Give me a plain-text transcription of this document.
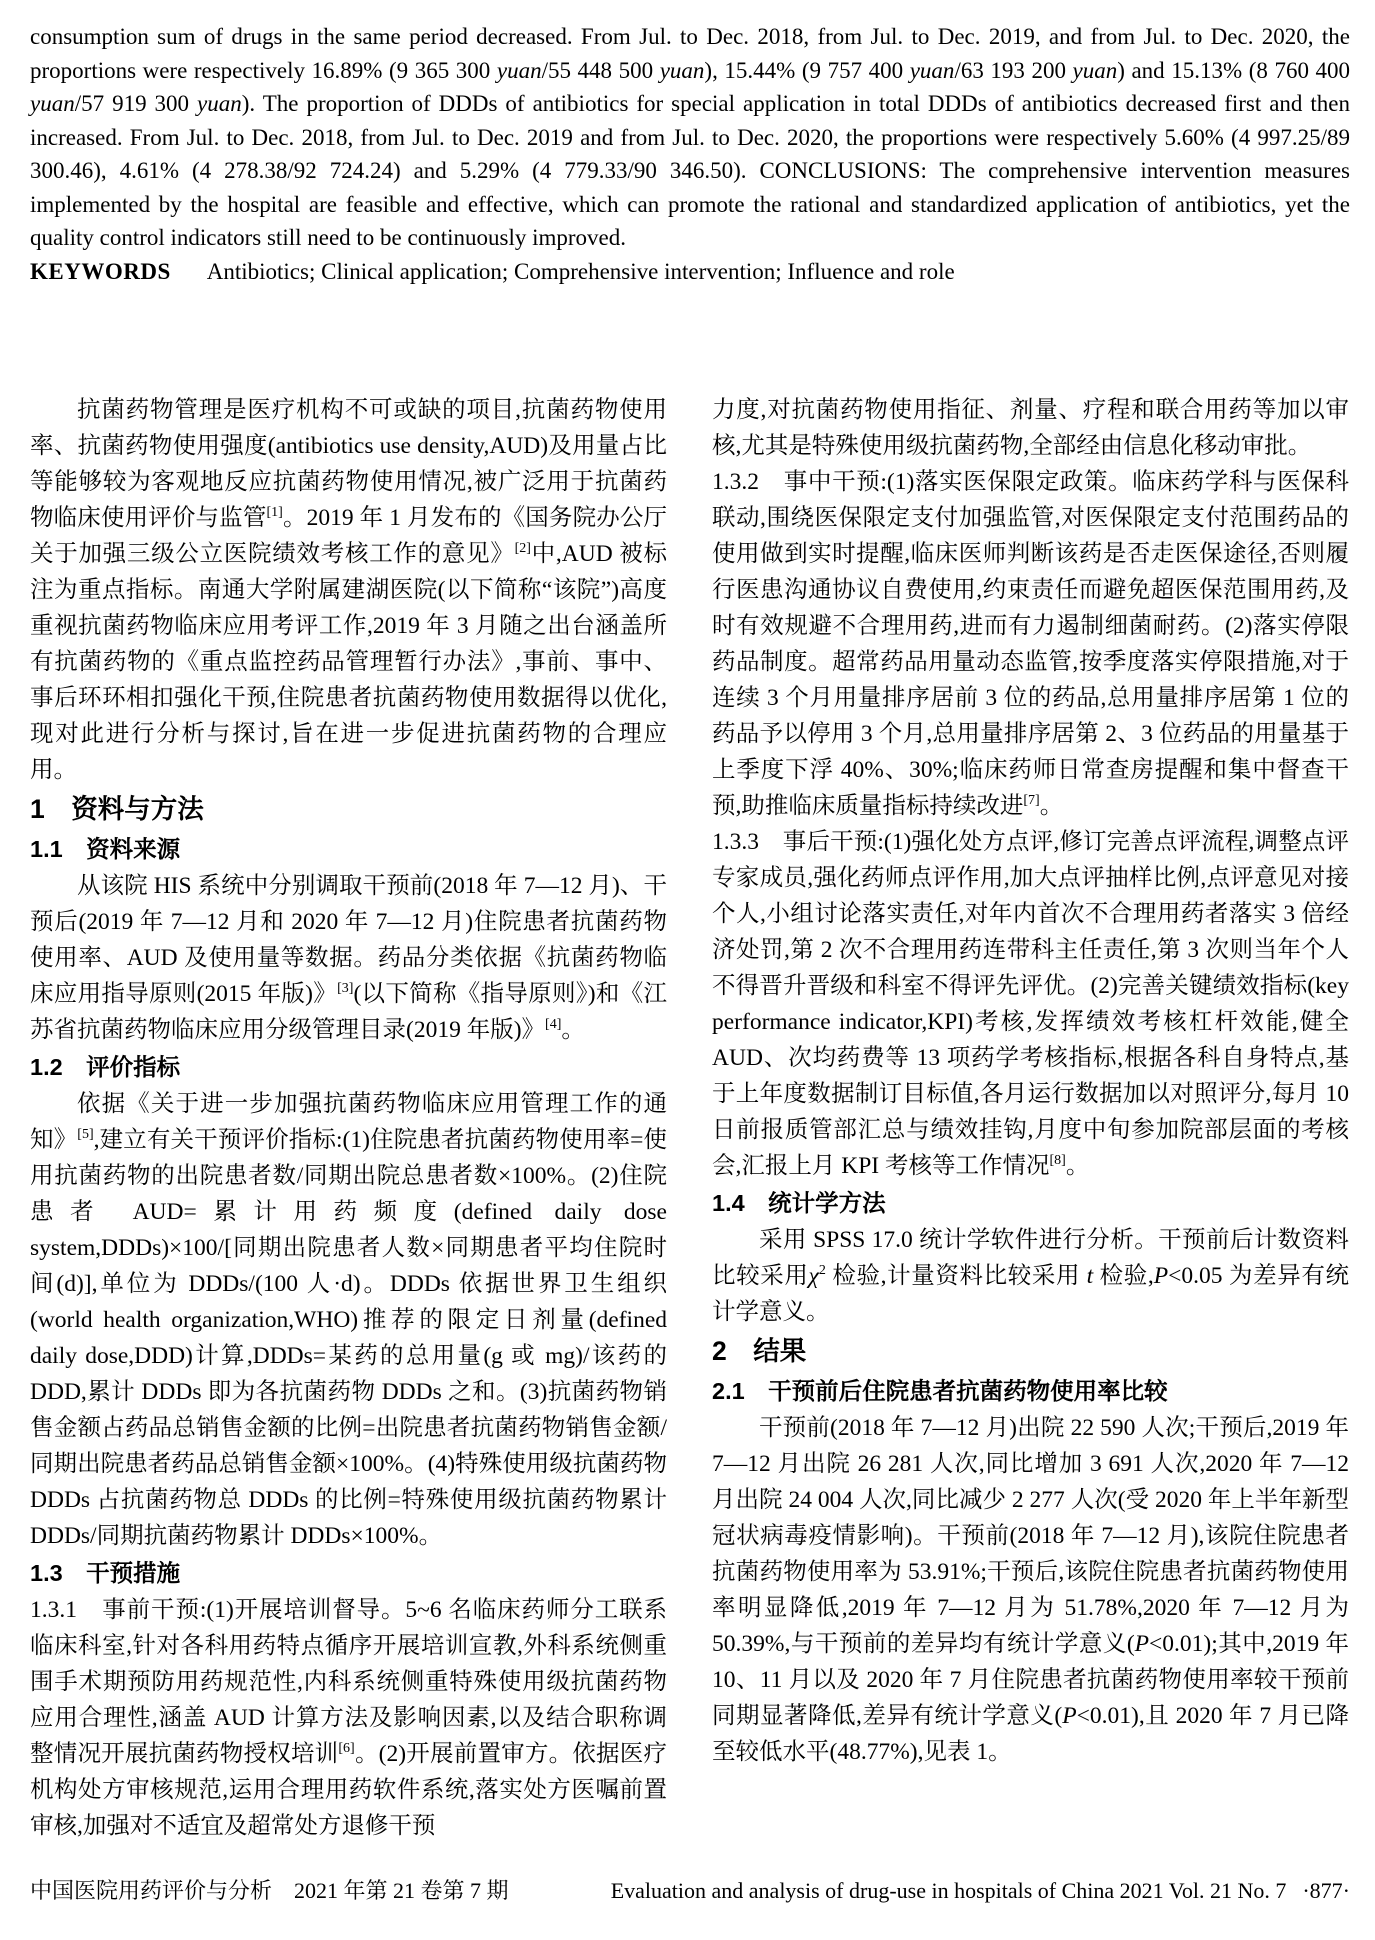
consumption sum of drugs in the same period decreased. From Jul. to Dec. 2018, from Jul. to Dec. 2019, and from Jul. to Dec. 2020, the proportions were respectively 16.89% (9 365 300 yuan/55 448 500 yuan), 15.44% (9 757 400 yuan/63 193 200 yuan) and 15.13% (8 760 400 yuan/57 919 300 yuan). The proportion of DDDs of antibiotics for special application in total DDDs of antibiotics decreased first and then increased. From Jul. to Dec. 2018, from Jul. to Dec. 2019 and from Jul. to Dec. 2020, the proportions were respectively 5.60% (4 997.25/89 300.46), 4.61% (4 278.38/92 724.24) and 5.29% (4 779.33/90 346.50). CONCLUSIONS: The comprehensive intervention measures implemented by the hospital are feasible and effective, which can promote the rational and standardized application of antibiotics, yet the quality control indicators still need to be continuously improved.

KEYWORDS Antibiotics; Clinical application; Comprehensive intervention; Influence and role

抗菌药物管理是医疗机构不可或缺的项目,抗菌药物使用率、抗菌药物使用强度(antibiotics use density,AUD)及用量占比等能够较为客观地反应抗菌药物使用情况,被广泛用于抗菌药物临床使用评价与监管[1]。2019 年 1 月发布的《国务院办公厅关于加强三级公立医院绩效考核工作的意见》[2]中,AUD 被标注为重点指标。南通大学附属建湖医院(以下简称“该院”)高度重视抗菌药物临床应用考评工作,2019 年 3 月随之出台涵盖所有抗菌药物的《重点监控药品管理暂行办法》,事前、事中、事后环环相扣强化干预,住院患者抗菌药物使用数据得以优化,现对此进行分析与探讨,旨在进一步促进抗菌药物的合理应用。
1　资料与方法
1.1　资料来源
从该院 HIS 系统中分别调取干预前(2018 年 7—12 月)、干预后(2019 年 7—12 月和 2020 年 7—12 月)住院患者抗菌药物使用率、AUD 及使用量等数据。药品分类依据《抗菌药物临床应用指导原则(2015 年版)》[3](以下简称《指导原则》)和《江苏省抗菌药物临床应用分级管理目录(2019 年版)》[4]。
1.2　评价指标
依据《关于进一步加强抗菌药物临床应用管理工作的通知》[5],建立有关干预评价指标:(1)住院患者抗菌药物使用率=使用抗菌药物的出院患者数/同期出院总患者数×100%。(2)住院患者 AUD=累计用药频度(defined daily dose system,DDDs)×100/[同期出院患者人数×同期患者平均住院时间(d)],单位为 DDDs/(100 人·d)。DDDs 依据世界卫生组织(world health organization,WHO)推荐的限定日剂量(defined daily dose,DDD)计算,DDDs=某药的总用量(g 或 mg)/该药的 DDD,累计 DDDs 即为各抗菌药物 DDDs 之和。(3)抗菌药物销售金额占药品总销售金额的比例=出院患者抗菌药物销售金额/同期出院患者药品总销售金额×100%。(4)特殊使用级抗菌药物 DDDs 占抗菌药物总 DDDs 的比例=特殊使用级抗菌药物累计 DDDs/同期抗菌药物累计 DDDs×100%。
1.3　干预措施
1.3.1　事前干预:(1)开展培训督导。5~6 名临床药师分工联系临床科室,针对各科用药特点循序开展培训宣教,外科系统侧重围手术期预防用药规范性,内科系统侧重特殊使用级抗菌药物应用合理性,涵盖 AUD 计算方法及影响因素,以及结合职称调整情况开展抗菌药物授权培训[6]。(2)开展前置审方。依据医疗机构处方审核规范,运用合理用药软件系统,落实处方医嘱前置审核,加强对不适宜及超常处方退修干预
力度,对抗菌药物使用指征、剂量、疗程和联合用药等加以审核,尤其是特殊使用级抗菌药物,全部经由信息化移动审批。
1.3.2　事中干预:(1)落实医保限定政策。临床药学科与医保科联动,围绕医保限定支付加强监管,对医保限定支付范围药品的使用做到实时提醒,临床医师判断该药是否走医保途径,否则履行医患沟通协议自费使用,约束责任而避免超医保范围用药,及时有效规避不合理用药,进而有力遏制细菌耐药。(2)落实停限药品制度。超常药品用量动态监管,按季度落实停限措施,对于连续 3 个月用量排序居前 3 位的药品,总用量排序居第 1 位的药品予以停用 3 个月,总用量排序居第 2、3 位药品的用量基于上季度下浮 40%、30%;临床药师日常查房提醒和集中督查干预,助推临床质量指标持续改进[7]。
1.3.3　事后干预:(1)强化处方点评,修订完善点评流程,调整点评专家成员,强化药师点评作用,加大点评抽样比例,点评意见对接个人,小组讨论落实责任,对年内首次不合理用药者落实 3 倍经济处罚,第 2 次不合理用药连带科主任责任,第 3 次则当年个人不得晋升晋级和科室不得评先评优。(2)完善关键绩效指标(key performance indicator,KPI)考核,发挥绩效考核杠杆效能,健全 AUD、次均药费等 13 项药学考核指标,根据各科自身特点,基于上年度数据制订目标值,各月运行数据加以对照评分,每月 10 日前报质管部汇总与绩效挂钩,月度中旬参加院部层面的考核会,汇报上月 KPI 考核等工作情况[8]。
1.4　统计学方法
采用 SPSS 17.0 统计学软件进行分析。干预前后计数资料比较采用$\chi^2$ 检验,计量资料比较采用 t 检验,P<0.05 为差异有统计学意义。
2　结果
2.1　干预前后住院患者抗菌药物使用率比较
干预前(2018 年 7—12 月)出院 22 590 人次;干预后,2019 年 7—12 月出院 26 281 人次,同比增加 3 691 人次,2020 年 7—12 月出院 24 004 人次,同比减少 2 277 人次(受 2020 年上半年新型冠状病毒疫情影响)。干预前(2018 年 7—12 月),该院住院患者抗菌药物使用率为 53.91%;干预后,该院住院患者抗菌药物使用率明显降低,2019 年 7—12 月为 51.78%,2020 年 7—12 月为 50.39%,与干预前的差异均有统计学意义(P<0.01);其中,2019 年 10、11 月以及 2020 年 7 月住院患者抗菌药物使用率较干预前同期显著降低,差异有统计学意义(P<0.01),且 2020 年 7 月已降至较低水平(48.77%),见表 1。
中国医院用药评价与分析　2021 年第 21 卷第 7 期	Evaluation and analysis of drug-use in hospitals of China 2021 Vol. 21 No. 7 ·877·
